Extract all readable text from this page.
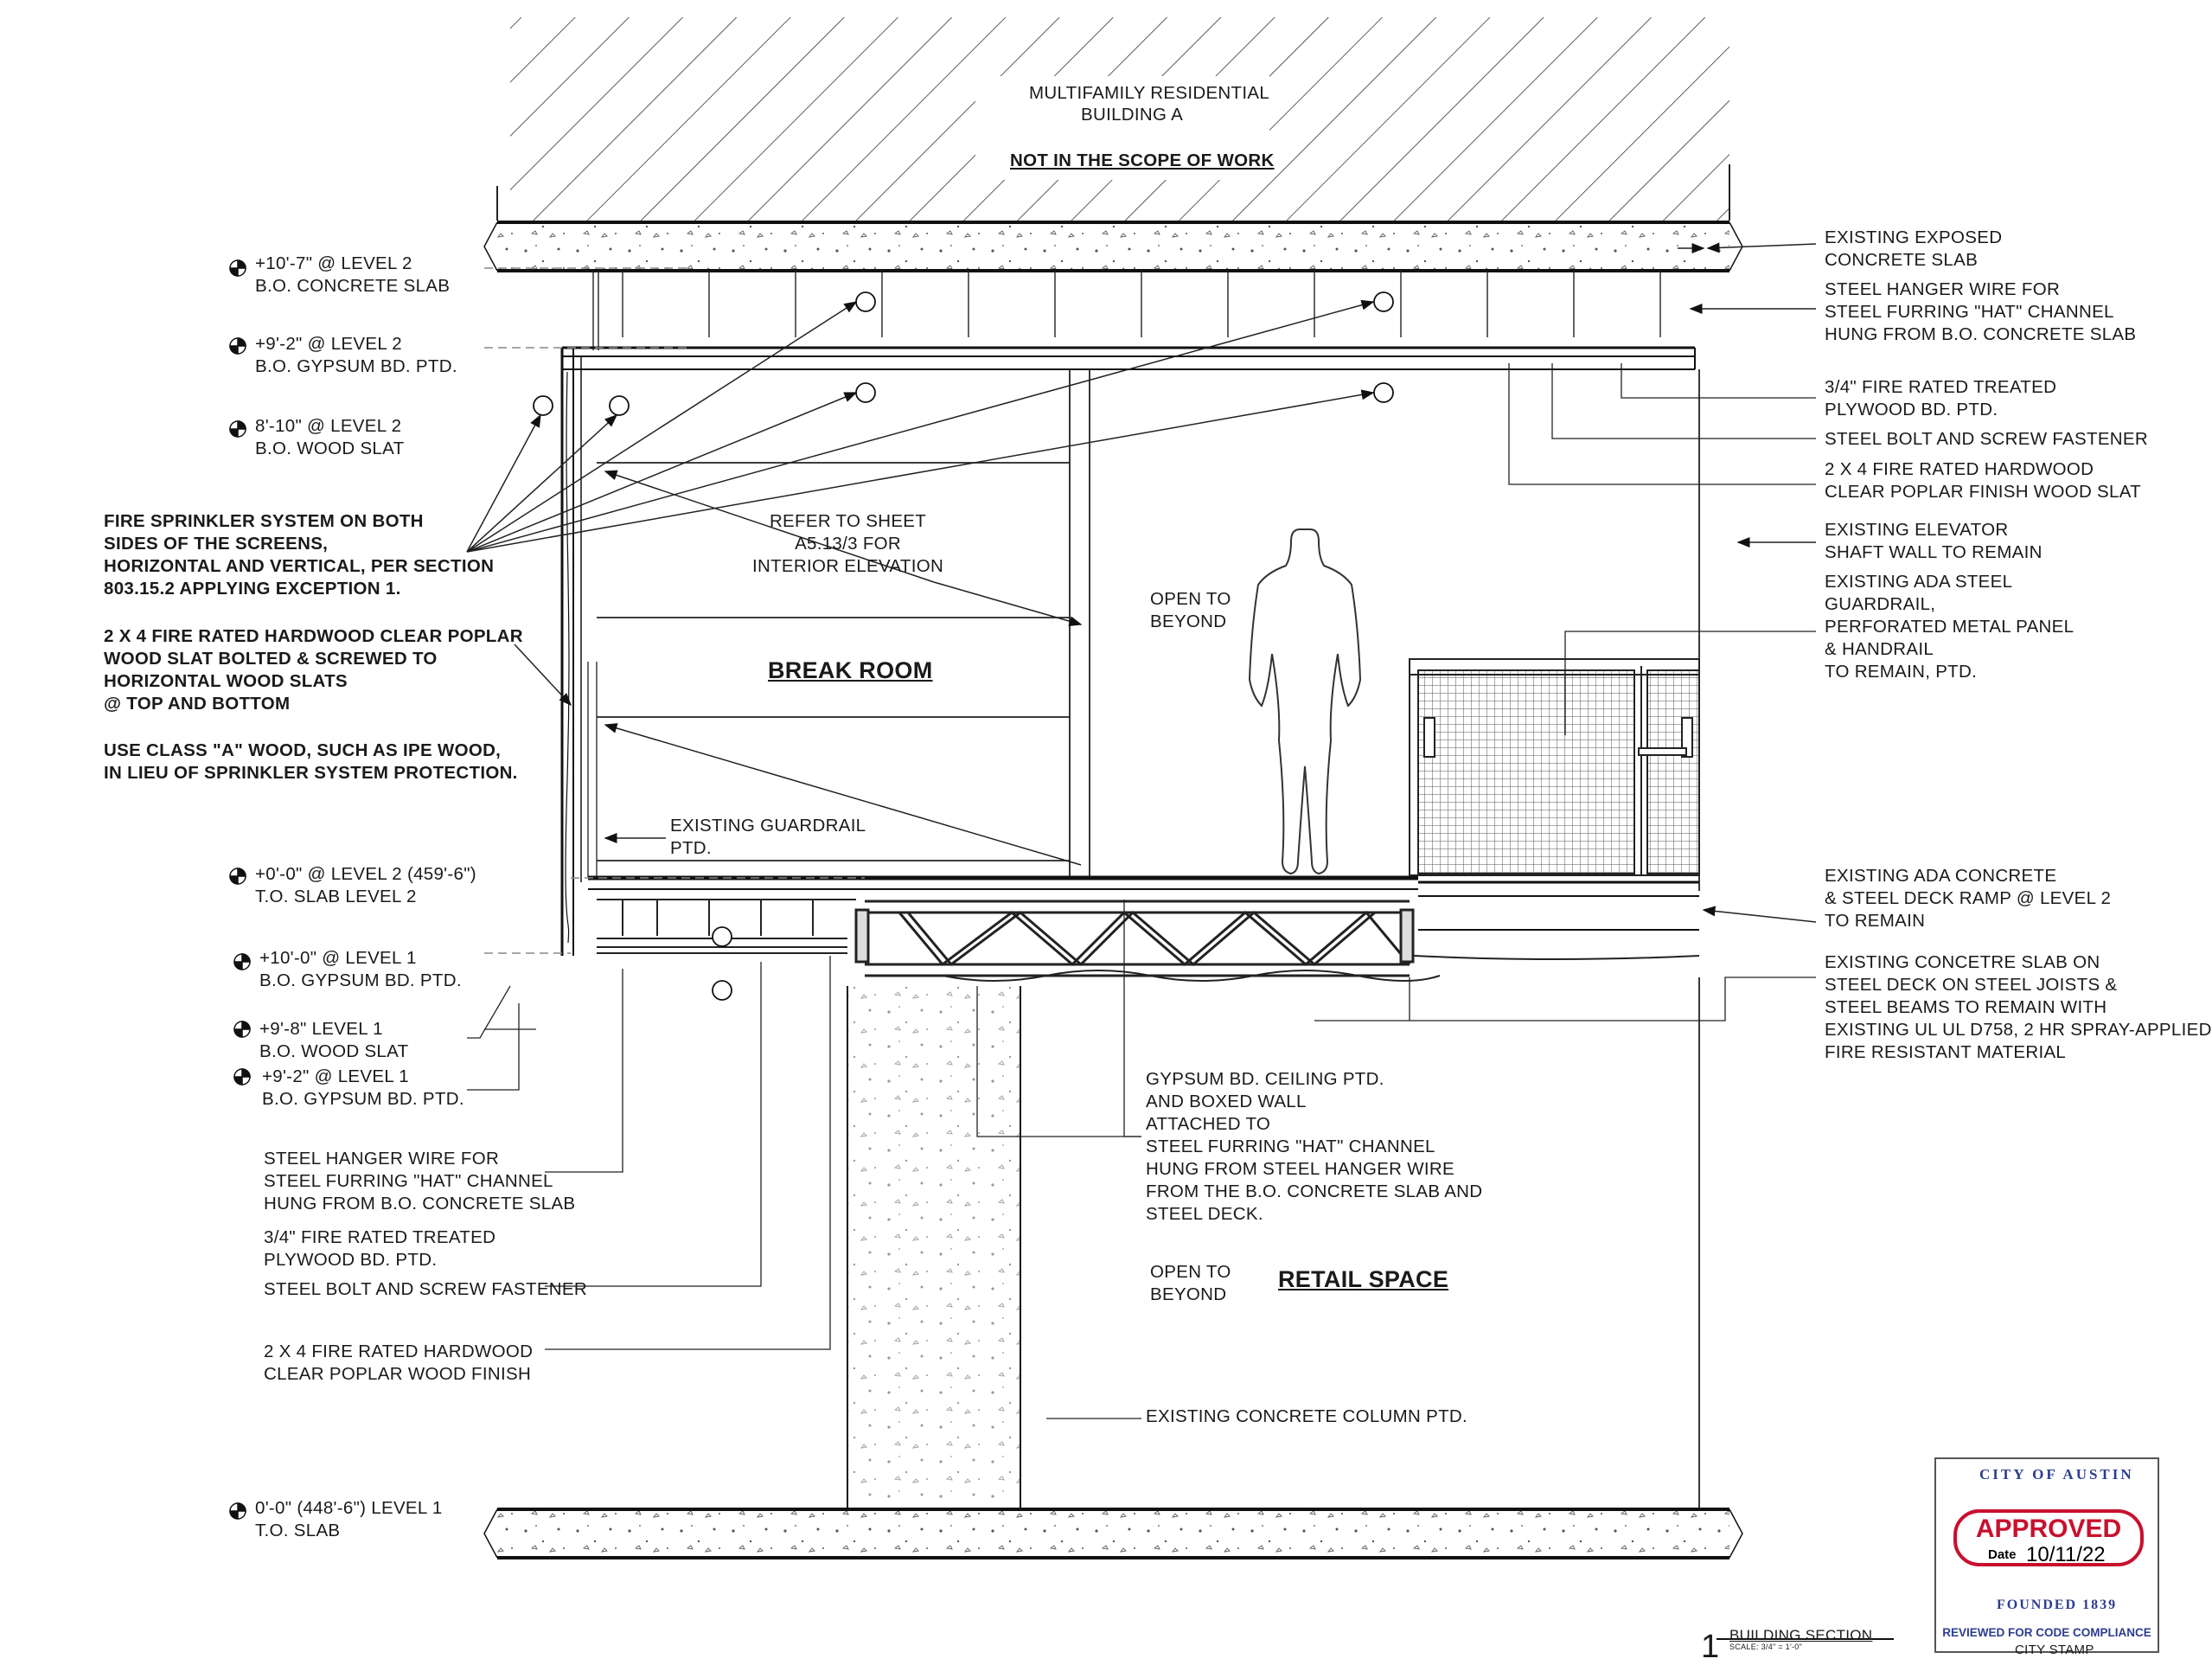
MULTIFAMILY RESIDENTIAL
BUILDING A
NOT IN THE SCOPE OF WORK
+10'-7" @ LEVEL 2
B.O. CONCRETE SLAB
+9'-2" @ LEVEL 2
B.O. GYPSUM BD. PTD.
8'-10" @ LEVEL 2
B.O. WOOD SLAT
+0'-0" @ LEVEL 2 (459'-6")
T.O. SLAB LEVEL 2
+10'-0" @ LEVEL 1
B.O. GYPSUM BD. PTD.
+9'-8" LEVEL 1
B.O. WOOD SLAT
+9'-2" @ LEVEL 1
B.O. GYPSUM BD. PTD.
0'-0" (448'-6") LEVEL 1
T.O. SLAB
FIRE SPRINKLER SYSTEM ON BOTH
SIDES OF THE SCREENS,
HORIZONTAL AND VERTICAL, PER SECTION
803.15.2 APPLYING EXCEPTION 1.
2 X 4 FIRE RATED HARDWOOD CLEAR POPLAR
WOOD SLAT BOLTED & SCREWED TO
HORIZONTAL WOOD SLATS
@ TOP AND BOTTOM
USE CLASS "A" WOOD, SUCH AS IPE WOOD,
IN LIEU OF SPRINKLER SYSTEM PROTECTION.
STEEL HANGER WIRE FOR
STEEL FURRING "HAT" CHANNEL
HUNG FROM B.O. CONCRETE SLAB
3/4" FIRE RATED TREATED
PLYWOOD BD. PTD.
STEEL BOLT AND SCREW FASTENER
2 X 4 FIRE RATED HARDWOOD
CLEAR POPLAR WOOD FINISH
EXISTING EXPOSED
CONCRETE SLAB
STEEL HANGER WIRE FOR
STEEL FURRING "HAT" CHANNEL
HUNG FROM B.O. CONCRETE SLAB
3/4" FIRE RATED TREATED
PLYWOOD BD. PTD.
STEEL BOLT AND SCREW FASTENER
2 X 4 FIRE RATED HARDWOOD
CLEAR POPLAR FINISH WOOD SLAT
EXISTING ELEVATOR
SHAFT WALL TO REMAIN
EXISTING ADA STEEL
GUARDRAIL,
PERFORATED METAL PANEL
& HANDRAIL
TO REMAIN, PTD.
EXISTING ADA CONCRETE
& STEEL DECK RAMP @ LEVEL 2
TO REMAIN
EXISTING CONCETRE SLAB ON
STEEL DECK ON STEEL JOISTS &
STEEL BEAMS TO REMAIN WITH
EXISTING UL UL D758, 2 HR SPRAY-APPLIED
FIRE RESISTANT MATERIAL
REFER TO SHEET
A5.13/3 FOR
INTERIOR ELEVATION
OPEN TO
BEYOND
BREAK ROOM
EXISTING GUARDRAIL
PTD.
GYPSUM BD. CEILING PTD.
AND BOXED WALL
ATTACHED TO
STEEL FURRING "HAT" CHANNEL
HUNG FROM STEEL HANGER WIRE
FROM THE B.O. CONCRETE SLAB AND
STEEL DECK.
OPEN TO
BEYOND
RETAIL SPACE
EXISTING CONCRETE COLUMN PTD.
1 BUILDING SECTION
SCALE: 3/4" = 1'-0"
CITY OF AUSTIN
APPROVED
Date 10/11/22
FOUNDED 1839
REVIEWED FOR CODE COMPLIANCE
CITY STAMP
